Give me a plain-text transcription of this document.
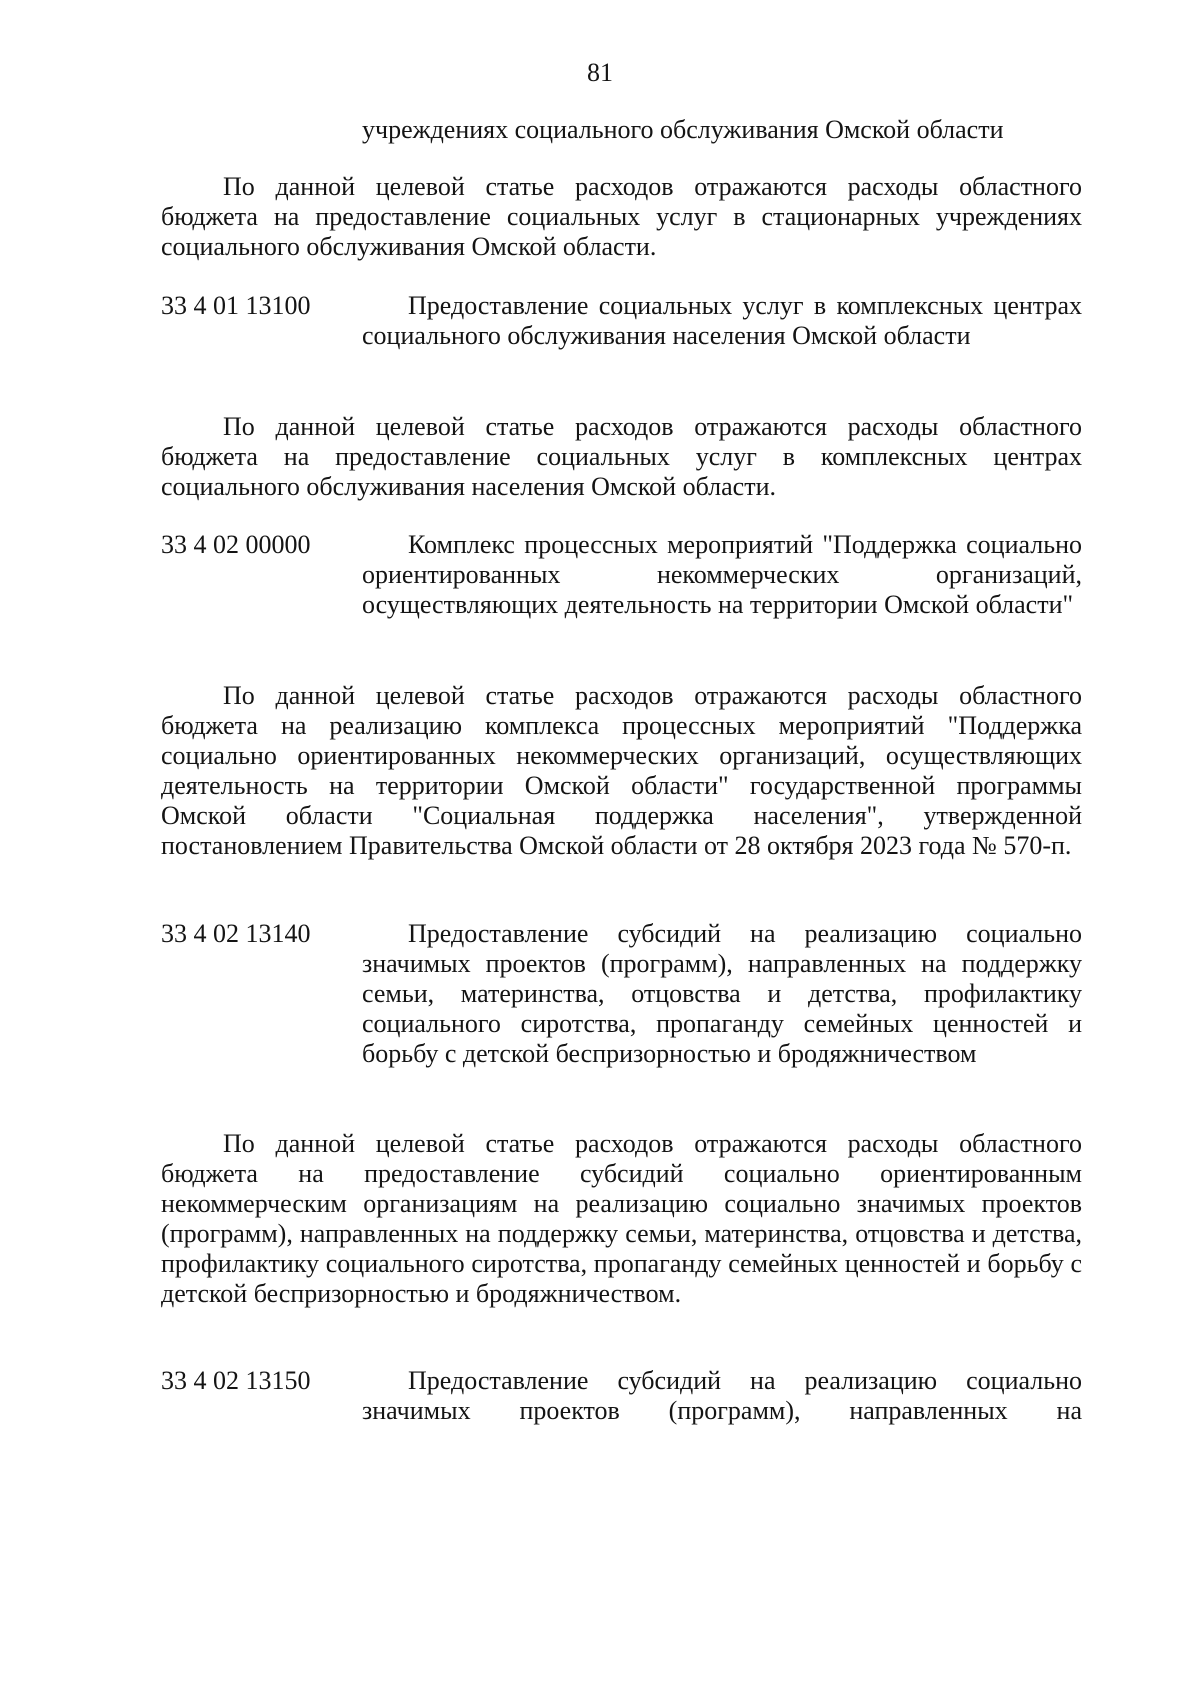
81
учреждениях социального обслуживания Омской области

По данной целевой статье расходов отражаются расходы областного бюджета на предоставление социальных услуг в стационарных учреждениях социального обслуживания Омской области.

33 4 01 13100	Предоставление социальных услуг в комплексных центрах социального обслуживания населения Омской области

По данной целевой статье расходов отражаются расходы областного бюджета на предоставление социальных услуг в комплексных центрах социального обслуживания населения Омской области.

33 4 02 00000	Комплекс процессных мероприятий "Поддержка социально ориентированных некоммерческих организаций, осуществляющих деятельность на территории Омской области"

По данной целевой статье расходов отражаются расходы областного бюджета на реализацию комплекса процессных мероприятий "Поддержка социально ориентированных некоммерческих организаций, осуществляющих деятельность на территории Омской области" государственной программы Омской области "Социальная поддержка населения", утвержденной постановлением Правительства Омской области от 28 октября 2023 года № 570-п.

33 4 02 13140	Предоставление субсидий на реализацию социально значимых проектов (программ), направленных на поддержку семьи, материнства, отцовства и детства, профилактику социального сиротства, пропаганду семейных ценностей и борьбу с детской беспризорностью и бродяжничеством

По данной целевой статье расходов отражаются расходы областного бюджета на предоставление субсидий социально ориентированным некоммерческим организациям на реализацию социально значимых проектов (программ), направленных на поддержку семьи, материнства, отцовства и детства, профилактику социального сиротства, пропаганду семейных ценностей и борьбу с детской беспризорностью и бродяжничеством.

33 4 02 13150	Предоставление субсидий на реализацию социально значимых проектов (программ), направленных на
